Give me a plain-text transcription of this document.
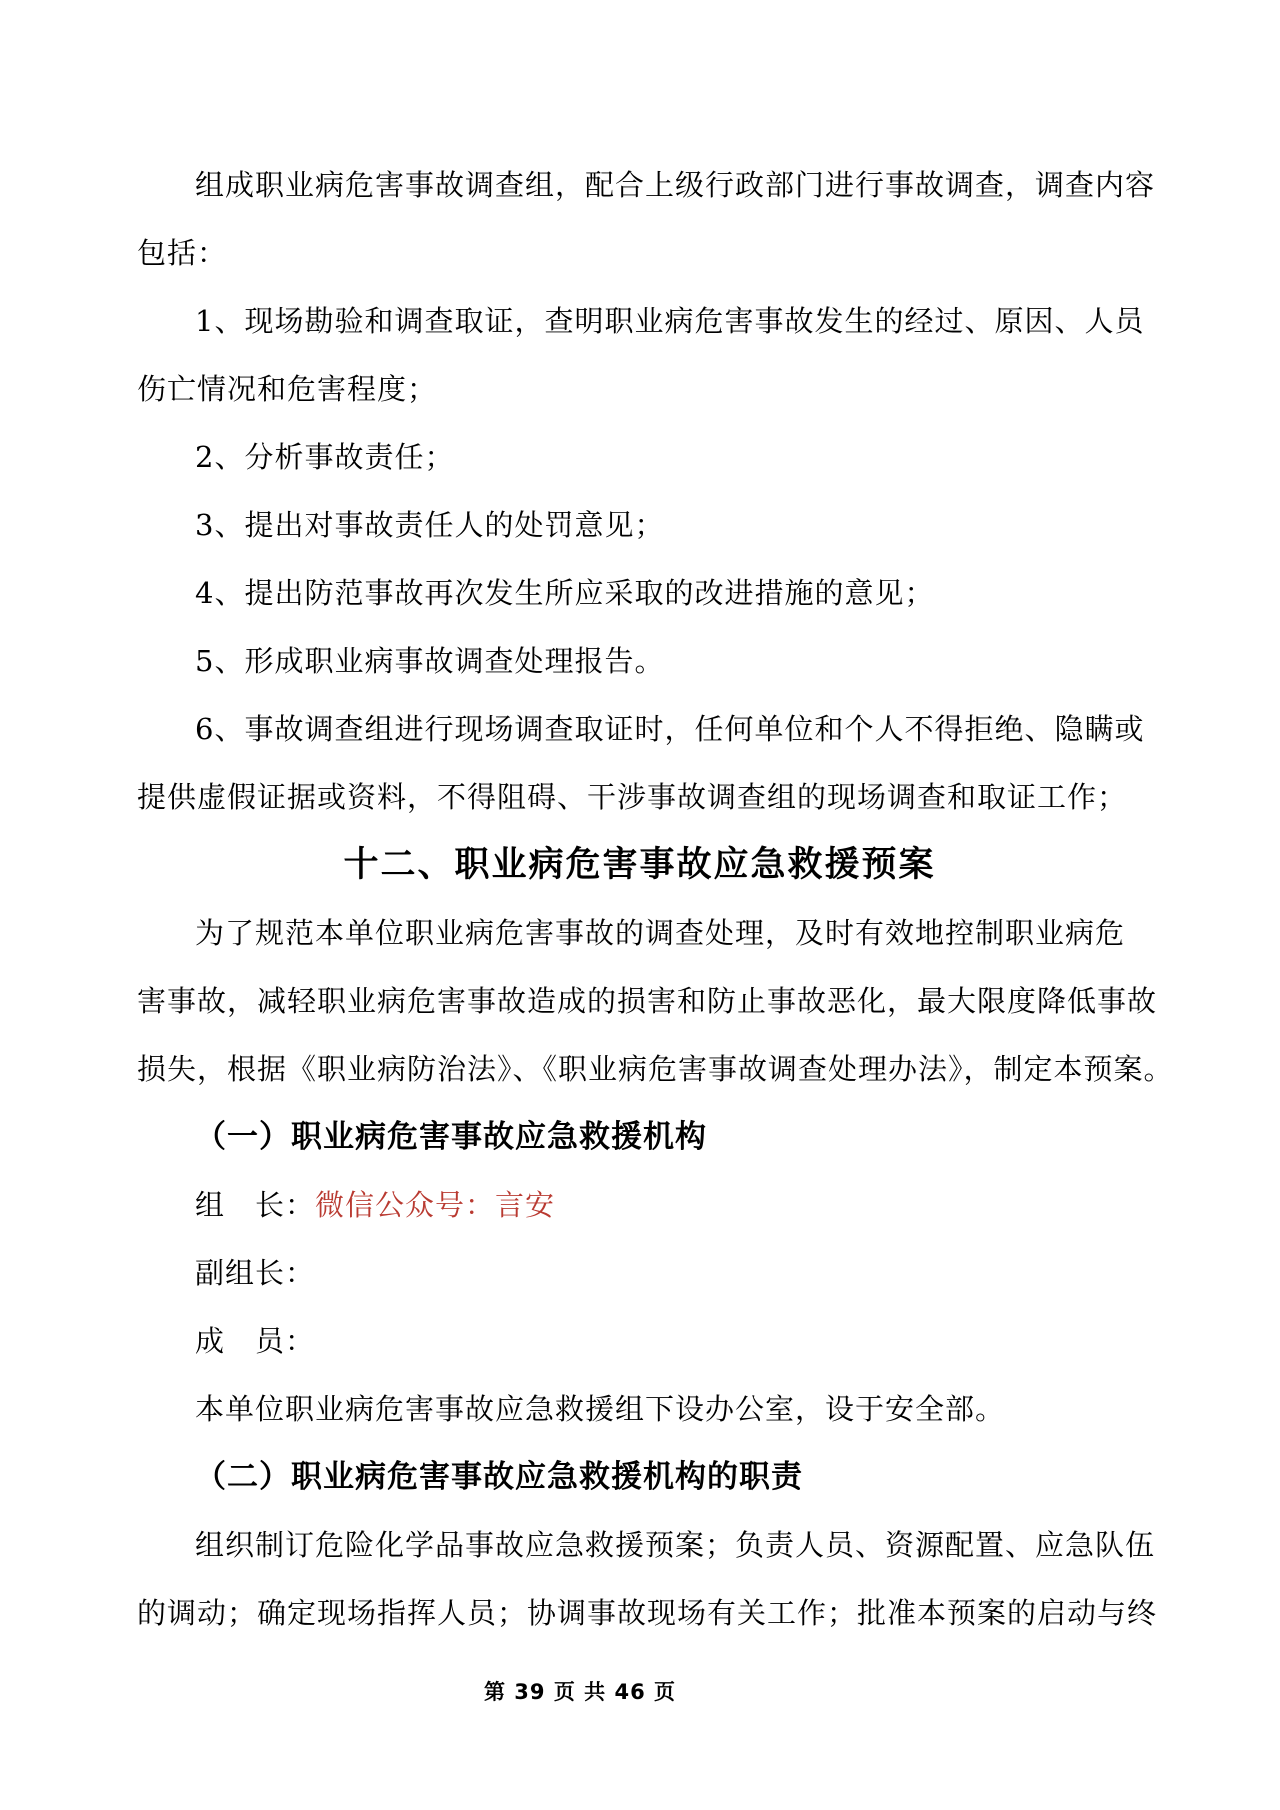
组成职业病危害事故调查组，配合上级行政部门进行事故调查，调查内容
包括：
1、现场勘验和调查取证，查明职业病危害事故发生的经过、原因、人员
伤亡情况和危害程度；
2、分析事故责任；
3、提出对事故责任人的处罚意见；
4、提出防范事故再次发生所应采取的改进措施的意见；
5、形成职业病事故调查处理报告。
6、事故调查组进行现场调查取证时，任何单位和个人不得拒绝、隐瞒或
提供虚假证据或资料，不得阻碍、干涉事故调查组的现场调查和取证工作；
十二、职业病危害事故应急救援预案
为了规范本单位职业病危害事故的调查处理，及时有效地控制职业病危
害事故，减轻职业病危害事故造成的损害和防止事故恶化，最大限度降低事故
损失，根据《职业病防治法》、《职业病危害事故调查处理办法》，制定本预案。
（一）职业病危害事故应急救援机构
组　长：微信公众号：言安
副组长：
成　员：
本单位职业病危害事故应急救援组下设办公室，设于安全部。
（二）职业病危害事故应急救援机构的职责
组织制订危险化学品事故应急救援预案；负责人员、资源配置、应急队伍
的调动；确定现场指挥人员；协调事故现场有关工作；批准本预案的启动与终
第 39 页 共 46 页
